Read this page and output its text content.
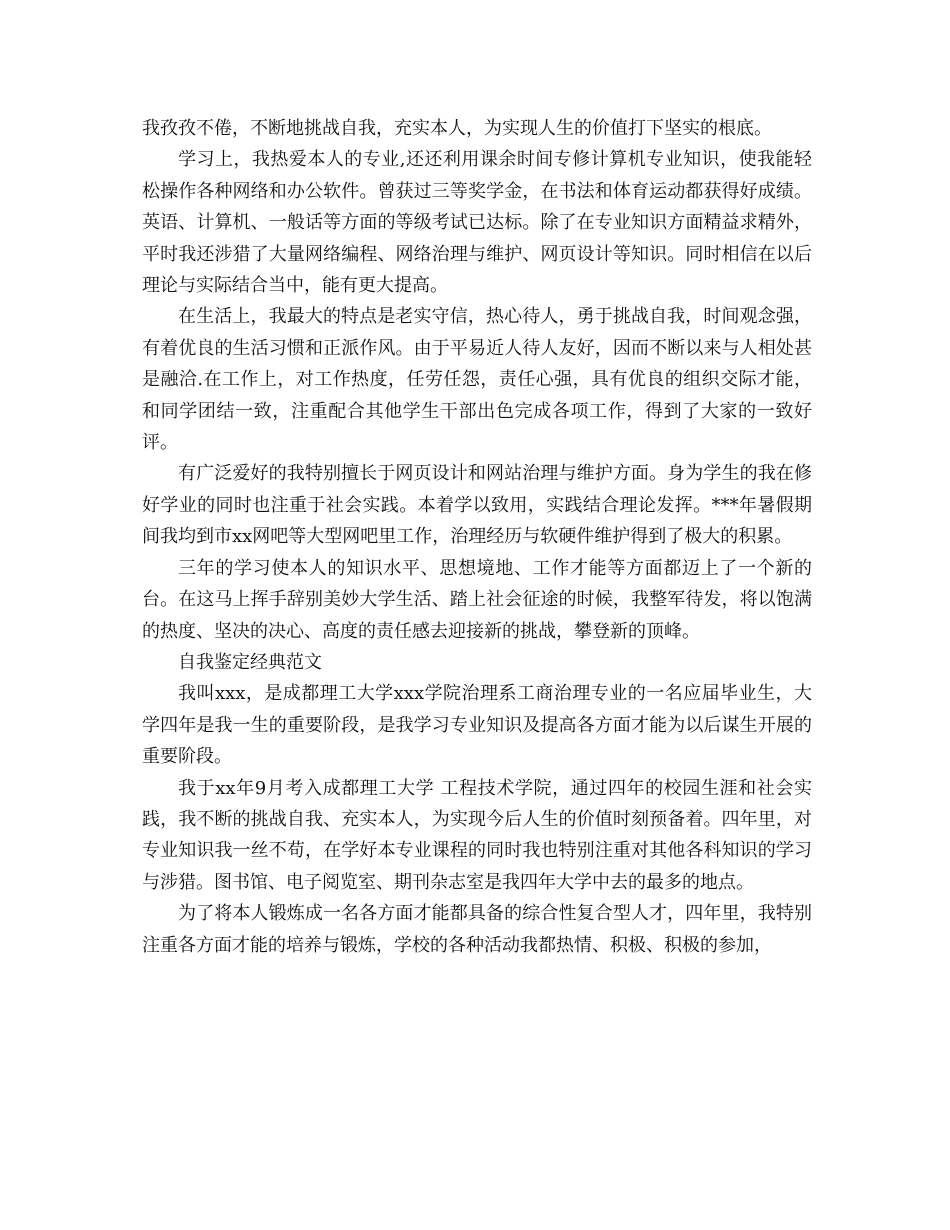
我孜孜不倦，不断地挑战自我，充实本人，为实现人生的价值打下坚实的根底。

学习上，我热爱本人的专业,还还利用课余时间专修计算机专业知识，使我能轻松操作各种网络和办公软件。曾获过三等奖学金，在书法和体育运动都获得好成绩。英语、计算机、一般话等方面的等级考试已达标。除了在专业知识方面精益求精外，平时我还涉猎了大量网络编程、网络治理与维护、网页设计等知识。同时相信在以后理论与实际结合当中，能有更大提高。

在生活上，我最大的特点是老实守信，热心待人，勇于挑战自我，时间观念强，有着优良的生活习惯和正派作风。由于平易近人待人友好，因而不断以来与人相处甚是融洽.在工作上，对工作热度，任劳任怨，责任心强，具有优良的组织交际才能，和同学团结一致，注重配合其他学生干部出色完成各项工作，得到了大家的一致好评。

有广泛爱好的我特别擅长于网页设计和网站治理与维护方面。身为学生的我在修好学业的同时也注重于社会实践。本着学以致用，实践结合理论发挥。***年暑假期间我均到市xx网吧等大型网吧里工作，治理经历与软硬件维护得到了极大的积累。

三年的学习使本人的知识水平、思想境地、工作才能等方面都迈上了一个新的台。在这马上挥手辞别美妙大学生活、踏上社会征途的时候，我整军待发，将以饱满的热度、坚决的决心、高度的责任感去迎接新的挑战，攀登新的顶峰。

自我鉴定经典范文

我叫xxx，是成都理工大学xxx学院治理系工商治理专业的一名应届毕业生，大学四年是我一生的重要阶段，是我学习专业知识及提高各方面才能为以后谋生开展的重要阶段。

我于xx年9月考入成都理工大学 工程技术学院，通过四年的校园生涯和社会实践，我不断的挑战自我、充实本人，为实现今后人生的价值时刻预备着。四年里，对专业知识我一丝不苟，在学好本专业课程的同时我也特别注重对其他各科知识的学习与涉猎。图书馆、电子阅览室、期刊杂志室是我四年大学中去的最多的地点。

为了将本人锻炼成一名各方面才能都具备的综合性复合型人才，四年里，我特别注重各方面才能的培养与锻炼，学校的各种活动我都热情、积极、积极的参加，
